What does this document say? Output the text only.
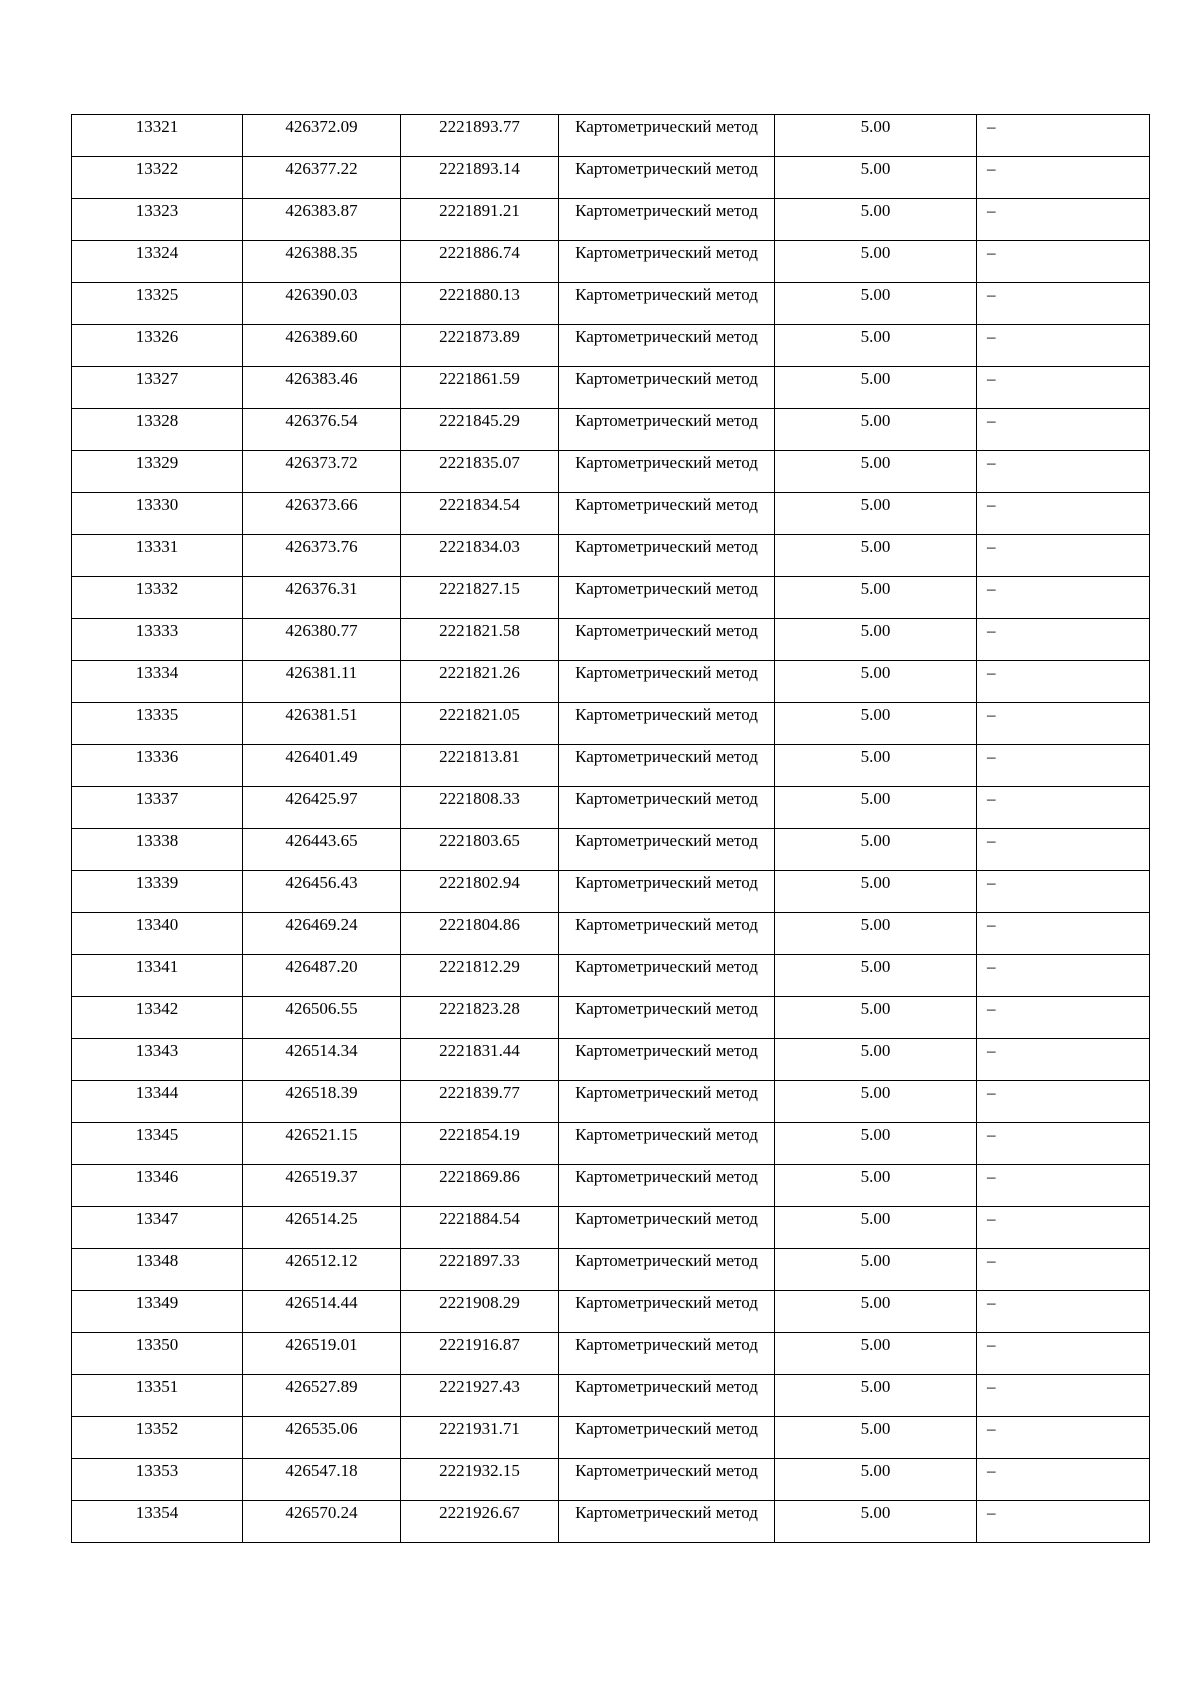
13321	426372.09	2221893.77	Картометрический метод	5.00	–
13322	426377.22	2221893.14	Картометрический метод	5.00	–
13323	426383.87	2221891.21	Картометрический метод	5.00	–
13324	426388.35	2221886.74	Картометрический метод	5.00	–
13325	426390.03	2221880.13	Картометрический метод	5.00	–
13326	426389.60	2221873.89	Картометрический метод	5.00	–
13327	426383.46	2221861.59	Картометрический метод	5.00	–
13328	426376.54	2221845.29	Картометрический метод	5.00	–
13329	426373.72	2221835.07	Картометрический метод	5.00	–
13330	426373.66	2221834.54	Картометрический метод	5.00	–
13331	426373.76	2221834.03	Картометрический метод	5.00	–
13332	426376.31	2221827.15	Картометрический метод	5.00	–
13333	426380.77	2221821.58	Картометрический метод	5.00	–
13334	426381.11	2221821.26	Картометрический метод	5.00	–
13335	426381.51	2221821.05	Картометрический метод	5.00	–
13336	426401.49	2221813.81	Картометрический метод	5.00	–
13337	426425.97	2221808.33	Картометрический метод	5.00	–
13338	426443.65	2221803.65	Картометрический метод	5.00	–
13339	426456.43	2221802.94	Картометрический метод	5.00	–
13340	426469.24	2221804.86	Картометрический метод	5.00	–
13341	426487.20	2221812.29	Картометрический метод	5.00	–
13342	426506.55	2221823.28	Картометрический метод	5.00	–
13343	426514.34	2221831.44	Картометрический метод	5.00	–
13344	426518.39	2221839.77	Картометрический метод	5.00	–
13345	426521.15	2221854.19	Картометрический метод	5.00	–
13346	426519.37	2221869.86	Картометрический метод	5.00	–
13347	426514.25	2221884.54	Картометрический метод	5.00	–
13348	426512.12	2221897.33	Картометрический метод	5.00	–
13349	426514.44	2221908.29	Картометрический метод	5.00	–
13350	426519.01	2221916.87	Картометрический метод	5.00	–
13351	426527.89	2221927.43	Картометрический метод	5.00	–
13352	426535.06	2221931.71	Картометрический метод	5.00	–
13353	426547.18	2221932.15	Картометрический метод	5.00	–
13354	426570.24	2221926.67	Картометрический метод	5.00	–
